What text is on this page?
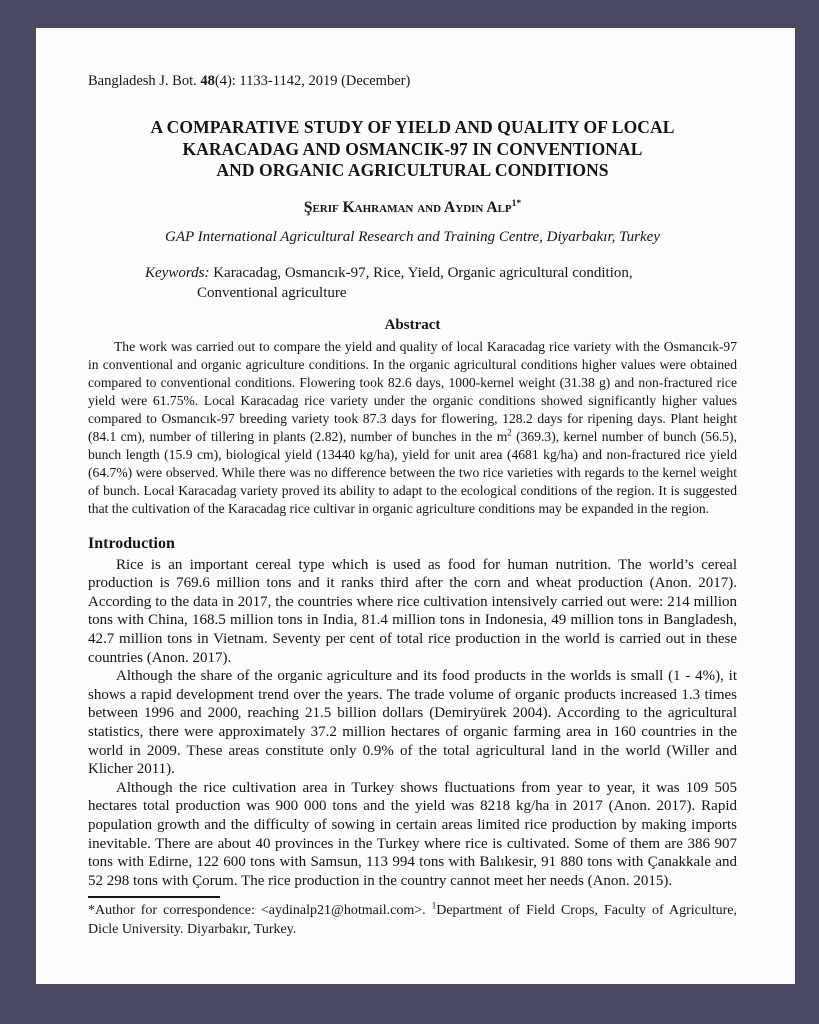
Bangladesh J. Bot. 48(4): 1133-1142, 2019 (December)
A COMPARATIVE STUDY OF YIELD AND QUALITY OF LOCAL
KARACADAG AND OSMANCIK-97 IN CONVENTIONAL
AND ORGANIC AGRICULTURAL CONDITIONS
Şerif Kahraman and Aydın Alp$^{1*}$
GAP International Agricultural Research and Training Centre, Diyarbakır, Turkey
Keywords: Karacadag, Osmancık-97, Rice, Yield, Organic agricultural condition,
Conventional agriculture
Abstract

The work was carried out to compare the yield and quality of local Karacadag rice variety with the Osmancık-97 in conventional and organic agriculture conditions. In the organic agricultural conditions higher values were obtained compared to conventional conditions. Flowering took 82.6 days, 1000-kernel weight (31.38 g) and non-fractured rice yield were 61.75%. Local Karacadag rice variety under the organic conditions showed significantly higher values compared to Osmancık-97 breeding variety took 87.3 days for flowering, 128.2 days for ripening days. Plant height (84.1 cm), number of tillering in plants (2.82), number of bunches in the $m^2$ (369.3), kernel number of bunch (56.5), bunch length (15.9 cm), biological yield (13440 kg/ha), yield for unit area (4681 kg/ha) and non-fractured rice yield (64.7%) were observed. While there was no difference between the two rice varieties with regards to the kernel weight of bunch. Local Karacadag variety proved its ability to adapt to the ecological conditions of the region. It is suggested that the cultivation of the Karacadag rice cultivar in organic agriculture conditions may be expanded in the region.

Introduction

Rice is an important cereal type which is used as food for human nutrition. The world’s cereal production is 769.6 million tons and it ranks third after the corn and wheat production (Anon. 2017). According to the data in 2017, the countries where rice cultivation intensively carried out were: 214 million tons with China, 168.5 million tons in India, 81.4 million tons in Indonesia, 49 million tons in Bangladesh, 42.7 million tons in Vietnam. Seventy per cent of total rice production in the world is carried out in these countries (Anon. 2017).

Although the share of the organic agriculture and its food products in the worlds is small (1 - 4%), it shows a rapid development trend over the years. The trade volume of organic products increased 1.3 times between 1996 and 2000, reaching 21.5 billion dollars (Demiryürek 2004). According to the agricultural statistics, there were approximately 37.2 million hectares of organic farming area in 160 countries in the world in 2009. These areas constitute only 0.9% of the total agricultural land in the world (Willer and Klicher 2011).

Although the rice cultivation area in Turkey shows fluctuations from year to year, it was 109 505 hectares total production was 900 000 tons and the yield was 8218 kg/ha in 2017 (Anon. 2017). Rapid population growth and the difficulty of sowing in certain areas limited rice production by making imports inevitable. There are about 40 provinces in the Turkey where rice is cultivated. Some of them are 386 907 tons with Edirne, 122 600 tons with Samsun, 113 994 tons with Balıkesir, 91 880 tons with Çanakkale and 52 298 tons with Çorum. The rice production in the country cannot meet her needs (Anon. 2015).

*Author for correspondence: <aydinalp21@hotmail.com>. $^1$Department of Field Crops, Faculty of Agriculture, Dicle University. Diyarbakır, Turkey.
